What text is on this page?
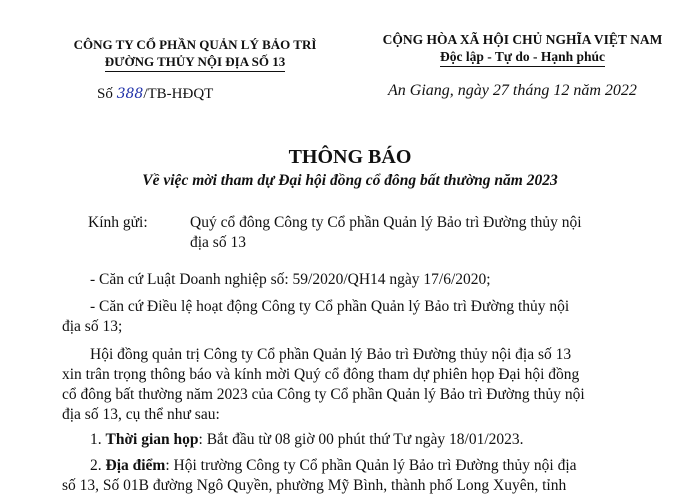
CÔNG TY CỔ PHẦN QUẢN LÝ BẢO TRÌ
ĐƯỜNG THỦY NỘI ĐỊA SỐ 13
CỘNG HÒA XÃ HỘI CHỦ NGHĨA VIỆT NAM
Độc lập - Tự do - Hạnh phúc
Số 388/TB-HĐQT	An Giang, ngày 27 tháng 12 năm 2022
THÔNG BÁO
Về việc mời tham dự Đại hội đồng cổ đông bất thường năm 2023
Kính gửi:	Quý cổ đông Công ty Cổ phần Quản lý Bảo trì Đường thủy nội
địa số 13
- Căn cứ Luật Doanh nghiệp số: 59/2020/QH14 ngày 17/6/2020;
- Căn cứ Điều lệ hoạt động Công ty Cổ phần Quản lý Bảo trì Đường thủy nội
địa số 13;
Hội đồng quản trị Công ty Cổ phần Quản lý Bảo trì Đường thủy nội địa số 13
xin trân trọng thông báo và kính mời Quý cổ đông tham dự phiên họp Đại hội đồng
cổ đông bất thường năm 2023 của Công ty Cổ phần Quản lý Bảo trì Đường thủy nội
địa số 13, cụ thể như sau:
1. Thời gian họp: Bắt đầu từ 08 giờ 00 phút thứ Tư ngày 18/01/2023.
2. Địa điểm: Hội trường Công ty Cổ phần Quản lý Bảo trì Đường thủy nội địa
số 13, Số 01B đường Ngô Quyền, phường Mỹ Bình, thành phố Long Xuyên, tỉnh
